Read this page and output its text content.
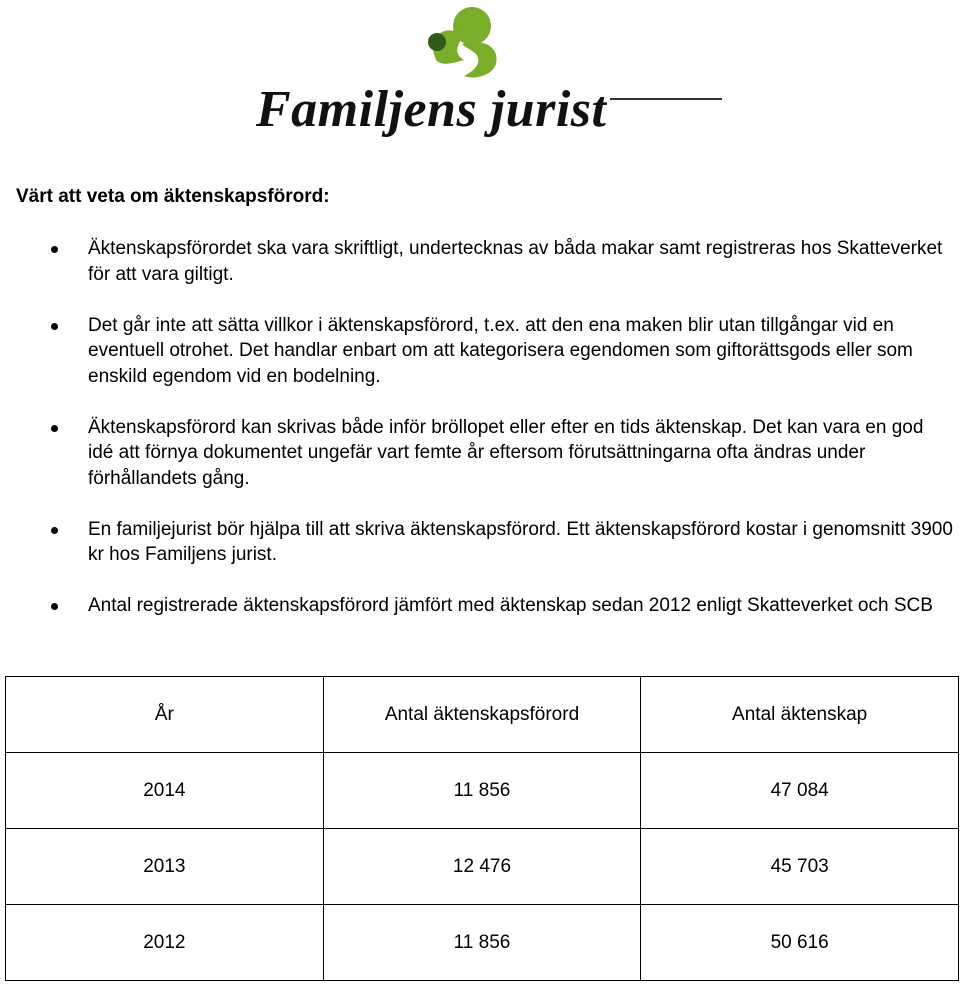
Familjens jurist
Värt att veta om äktenskapsförord:
Äktenskapsförordet ska vara skriftligt, undertecknas av båda makar samt registreras hos Skatteverket för att vara giltigt.
Det går inte att sätta villkor i äktenskapsförord, t.ex. att den ena maken blir utan tillgångar vid en eventuell otrohet. Det handlar enbart om att kategorisera egendomen som giftorättsgods eller som enskild egendom vid en bodelning.
Äktenskapsförord kan skrivas både inför bröllopet eller efter en tids äktenskap. Det kan vara en god idé att förnya dokumentet ungefär vart femte år eftersom förutsättningarna ofta ändras under förhållandets gång.
En familjejurist bör hjälpa till att skriva äktenskapsförord. Ett äktenskapsförord kostar i genomsnitt 3900 kr hos Familjens jurist.
Antal registrerade äktenskapsförord jämfört med äktenskap sedan 2012 enligt Skatteverket och SCB
År	Antal äktenskapsförord	Antal äktenskap
2014	11 856	47 084
2013	12 476	45 703
2012	11 856	50 616
